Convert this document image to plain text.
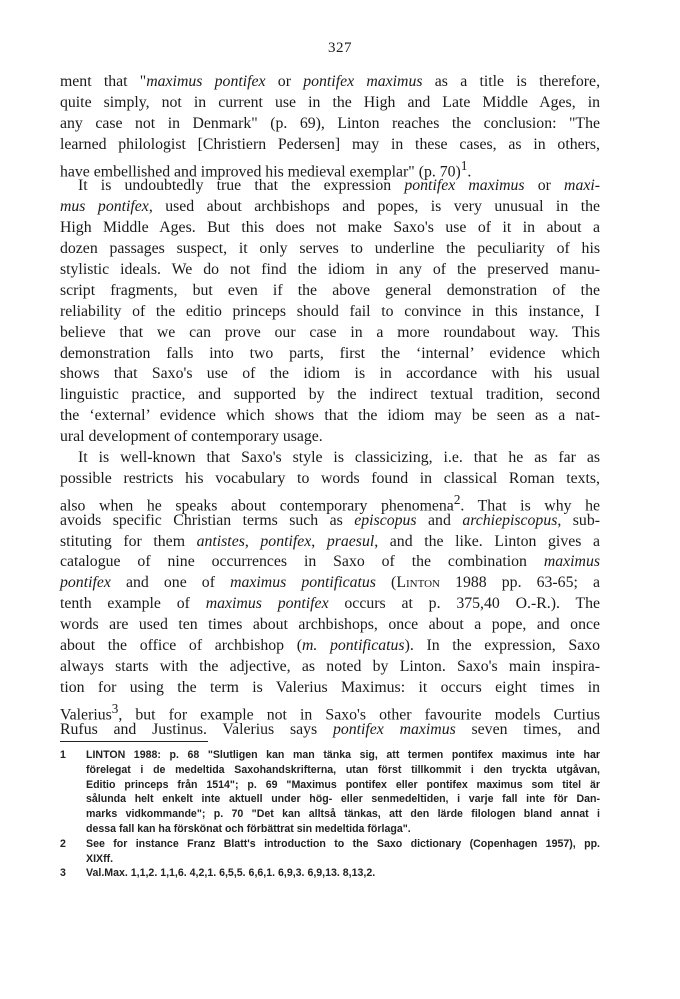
327
ment that "maximus pontifex or pontifex maximus as a title is therefore,
quite simply, not in current use in the High and Late Middle Ages, in
any case not in Denmark" (p. 69), Linton reaches the conclusion: "The
learned philologist [Christiern Pedersen] may in these cases, as in others,
have embellished and improved his medieval exemplar" (p. 70)$^1$.
It is undoubtedly true that the expression pontifex maximus or maxi-
mus pontifex, used about archbishops and popes, is very unusual in the
High Middle Ages. But this does not make Saxo's use of it in about a
dozen passages suspect, it only serves to underline the peculiarity of his
stylistic ideals. We do not find the idiom in any of the preserved manu-
script fragments, but even if the above general demonstration of the
reliability of the editio princeps should fail to convince in this instance, I
believe that we can prove our case in a more roundabout way. This
demonstration falls into two parts, first the ‘internal’ evidence which
shows that Saxo's use of the idiom is in accordance with his usual
linguistic practice, and supported by the indirect textual tradition, second
the ‘external’ evidence which shows that the idiom may be seen as a nat-
ural development of contemporary usage.
It is well-known that Saxo's style is classicizing, i.e. that he as far as
possible restricts his vocabulary to words found in classical Roman texts,
also when he speaks about contemporary phenomena$^2$. That is why he
avoids specific Christian terms such as episcopus and archiepiscopus, sub-
stituting for them antistes, pontifex, praesul, and the like. Linton gives a
catalogue of nine occurrences in Saxo of the combination maximus
pontifex and one of maximus pontificatus (Linton 1988 pp. 63-65; a
tenth example of maximus pontifex occurs at p. 375,40 O.-R.). The
words are used ten times about archbishops, once about a pope, and once
about the office of archbishop (m. pontificatus). In the expression, Saxo
always starts with the adjective, as noted by Linton. Saxo's main inspira-
tion for using the term is Valerius Maximus: it occurs eight times in
Valerius$^3$, but for example not in Saxo's other favourite models Curtius
Rufus and Justinus. Valerius says pontifex maximus seven times, and
1 LINTON 1988: p. 68 "Slutligen kan man tänka sig, att termen pontifex maximus inte har
förelegat i de medeltida Saxohandskrifterna, utan först tillkommit i den tryckta utgåvan,
Editio princeps från 1514"; p. 69 "Maximus pontifex eller pontifex maximus som titel är
sålunda helt enkelt inte aktuell under hög- eller senmedeltiden, i varje fall inte för Dan-
marks vidkommande"; p. 70 "Det kan alltså tänkas, att den lärde filologen bland annat i
dessa fall kan ha förskönat och förbättrat sin medeltida förlaga".
2 See for instance Franz Blatt's introduction to the Saxo dictionary (Copenhagen 1957), pp.
XIXff.
3 Val.Max. 1,1,2. 1,1,6. 4,2,1. 6,5,5. 6,6,1. 6,9,3. 6,9,13. 8,13,2.
